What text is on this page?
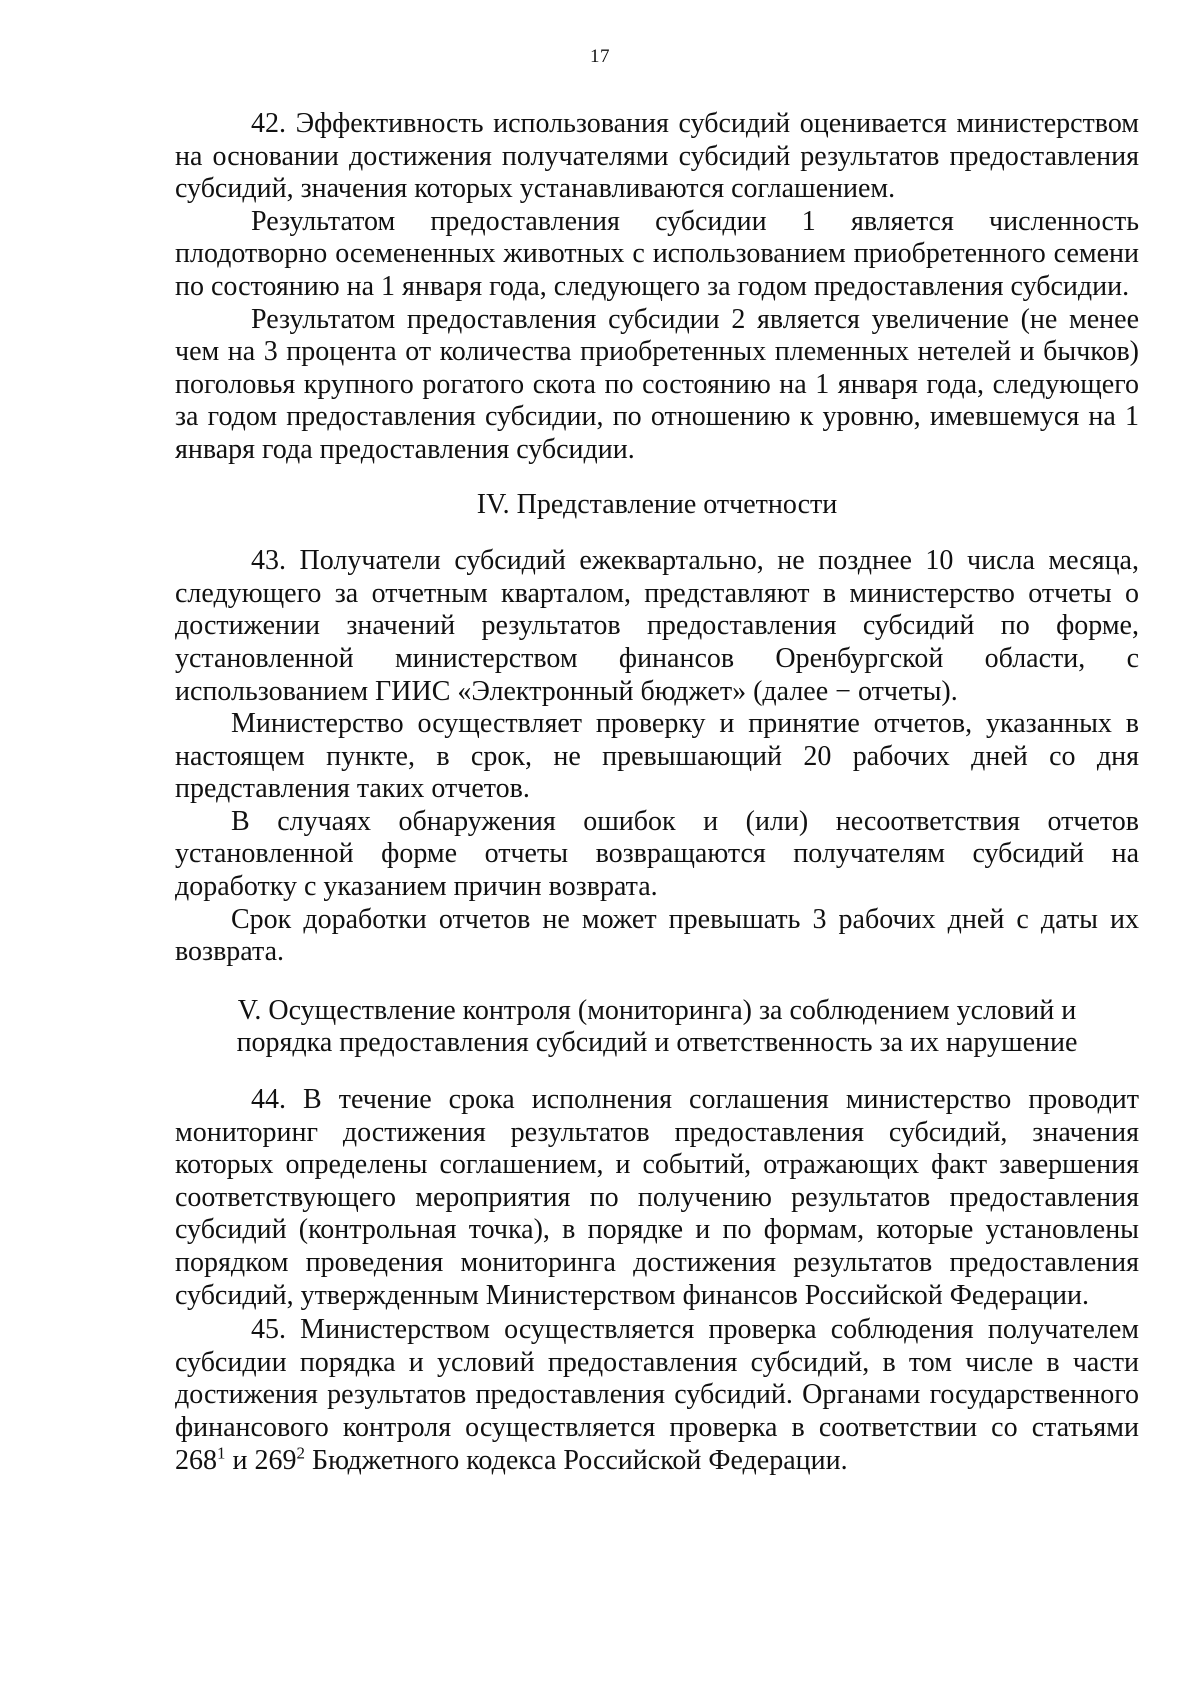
17

42. Эффективность использования субсидий оценивается министерством на основании достижения получателями субсидий результатов предоставления субсидий, значения которых устанавливаются соглашением.

Результатом предоставления субсидии 1 является численность плодотворно осемененных животных с использованием приобретенного семени по состоянию на 1 января года, следующего за годом предоставления субсидии.

Результатом предоставления субсидии 2 является увеличение (не менее чем на 3 процента от количества приобретенных племенных нетелей и бычков) поголовья крупного рогатого скота по состоянию на 1 января года, следующего за годом предоставления субсидии, по отношению к уровню, имевшемуся на 1 января года предоставления субсидии.

IV. Представление отчетности

43. Получатели субсидий ежеквартально, не позднее 10 числа месяца, следующего за отчетным кварталом, представляют в министерство отчеты о достижении значений результатов предоставления субсидий по форме, установленной министерством финансов Оренбургской области, с использованием ГИИС «Электронный бюджет» (далее − отчеты).

Министерство осуществляет проверку и принятие отчетов, указанных в настоящем пункте, в срок, не превышающий 20 рабочих дней со дня представления таких отчетов.

В случаях обнаружения ошибок и (или) несоответствия отчетов установленной форме отчеты возвращаются получателям субсидий на доработку с указанием причин возврата.

Срок доработки отчетов не может превышать 3 рабочих дней с даты их возврата.

V. Осуществление контроля (мониторинга) за соблюдением условий и

порядка предоставления субсидий и ответственность за их нарушение

44. В течение срока исполнения соглашения министерство проводит мониторинг достижения результатов предоставления субсидий, значения которых определены соглашением, и событий, отражающих факт завершения соответствующего мероприятия по получению результатов предоставления субсидий (контрольная точка), в порядке и по формам, которые установлены порядком проведения мониторинга достижения результатов предоставления субсидий, утвержденным Министерством финансов Российской Федерации.

45. Министерством осуществляется проверка соблюдения получателем субсидии порядка и условий предоставления субсидий, в том числе в части достижения результатов предоставления субсидий. Органами государственного финансового контроля осуществляется проверка в соответствии со статьями $268^1$ и $269^2$ Бюджетного кодекса Российской Федерации.
